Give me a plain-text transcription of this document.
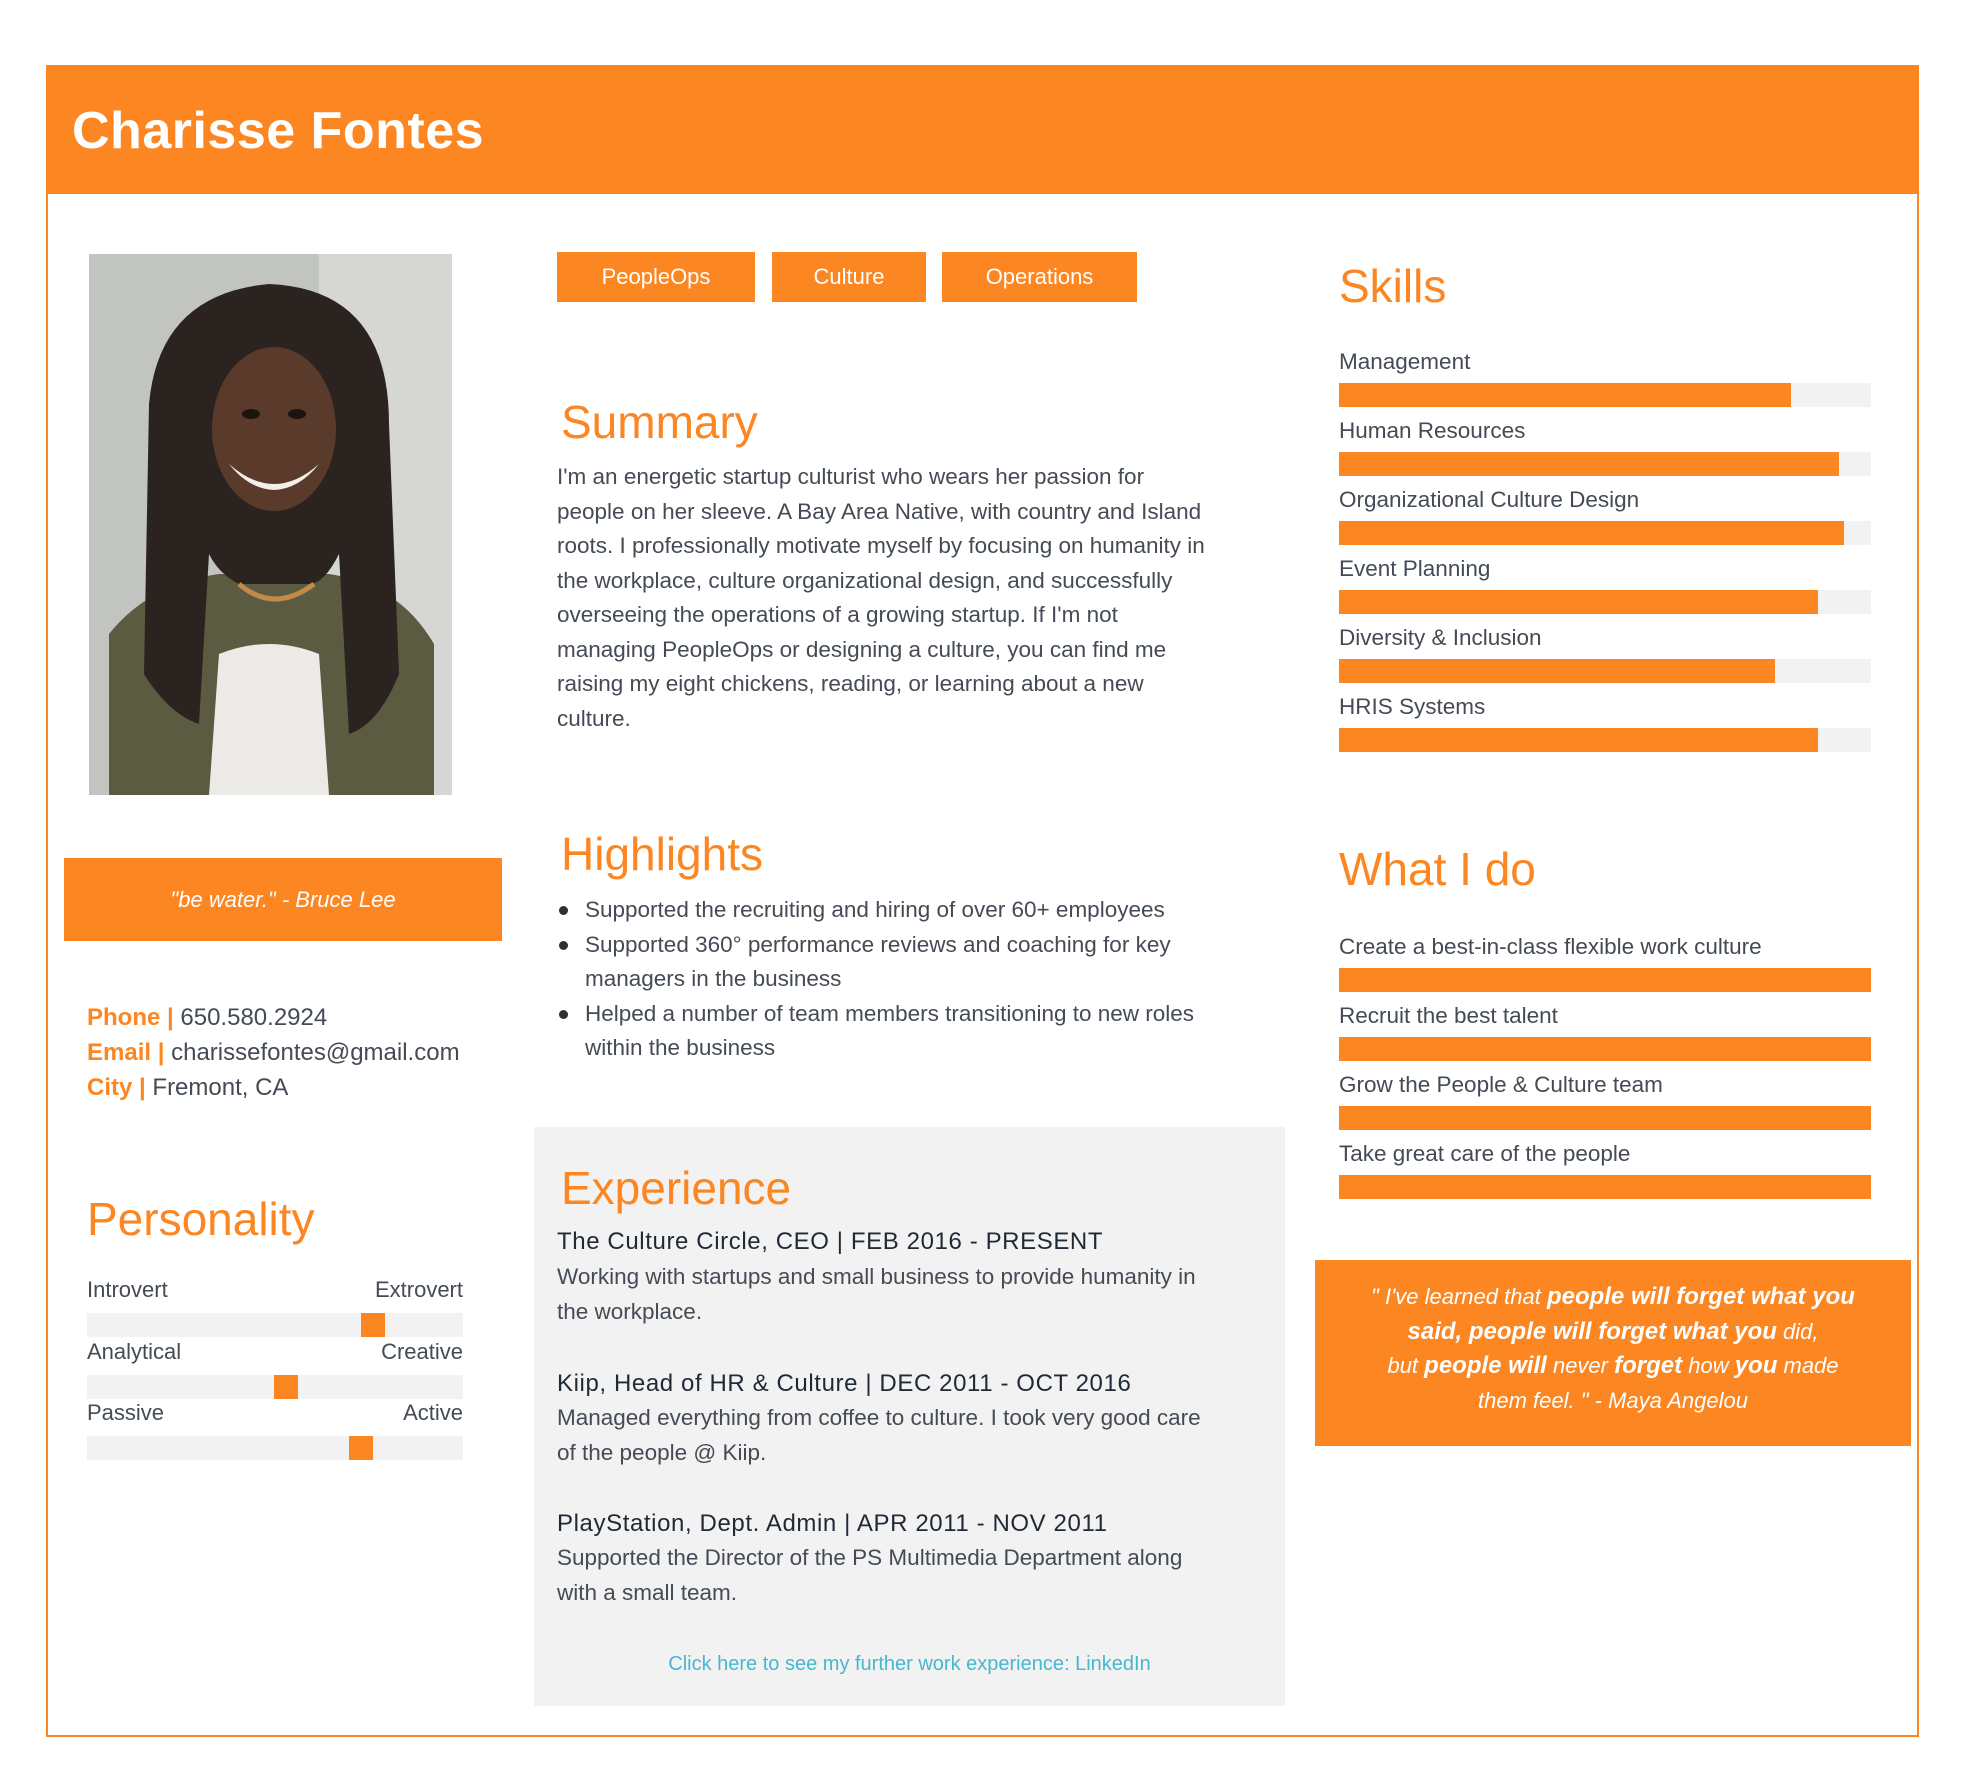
Charisse Fontes
"be water." - Bruce Lee
Phone | 650.580.2924
Email | charissefontes@gmail.com
City | Fremont, CA
Personality
Introvert	Extrovert
Analytical	Creative
Passive	Active
PeopleOps	Culture	Operations
Summary
I'm an energetic startup culturist who wears her passion for
people on her sleeve. A Bay Area Native, with country and Island
roots. I professionally motivate myself by focusing on humanity in
the workplace, culture organizational design, and successfully
overseeing the operations of a growing startup. If I'm not
managing PeopleOps or designing a culture, you can find me
raising my eight chickens, reading, or learning about a new
culture.
Highlights
Supported the recruiting and hiring of over 60+ employees
Supported 360° performance reviews and coaching for key
managers in the business
Helped a number of team members transitioning to new roles
within the business
Experience
The Culture Circle, CEO | FEB 2016 - PRESENT
Working with startups and small business to provide humanity in
the workplace.
Kiip, Head of HR & Culture | DEC 2011 - OCT 2016
Managed everything from coffee to culture. I took very good care
of the people @ Kiip.
PlayStation, Dept. Admin | APR 2011 - NOV 2011
Supported the Director of the PS Multimedia Department along
with a small team.
Click here to see my further work experience: LinkedIn
Skills
Management
Human Resources
Organizational Culture Design
Event Planning
Diversity & Inclusion
HRIS Systems
What I do
Create a best-in-class flexible work culture
Recruit the best talent
Grow the People & Culture team
Take great care of the people
" I've learned that people will forget what you
said, people will forget what you did,
but people will never forget how you made
them feel. " - Maya Angelou
